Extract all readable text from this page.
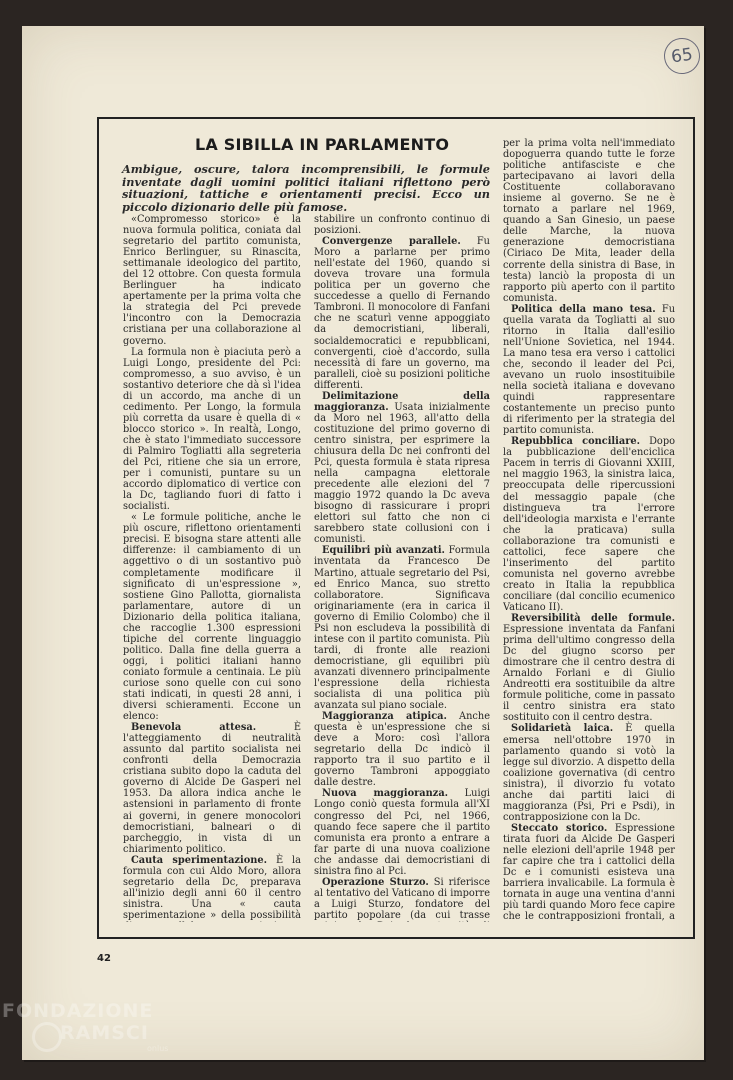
65
LA SIBILLA IN PARLAMENTO
Ambigue, oscure, talora incomprensibili, le formule inventate dagli uomini politici italiani riflettono però situazioni, tattiche e orientamenti precisi. Ecco un piccolo dizionario delle più famose.

«Compromesso storico» è la nuova formula politica, coniata dal segretario del partito comunista, Enrico Berlinguer, su Rinascita, settimanale ideologico del partito, del 12 ottobre. Con questa formula Berlinguer ha indicato apertamente per la prima volta che la strategia del Pci prevede l'incontro con la Democrazia cristiana per una collaborazione al governo.

La formula non è piaciuta però a Luigi Longo, presidente del Pci: compromesso, a suo avviso, è un sostantivo deteriore che dà sì l'idea di un accordo, ma anche di un cedimento. Per Longo, la formula più corretta da usare è quella di « blocco storico ». In realtà, Longo, che è stato l'immediato successore di Palmiro Togliatti alla segreteria del Pci, ritiene che sia un errore, per i comunisti, puntare su un accordo diplomatico di vertice con la Dc, tagliando fuori di fatto i socialisti.

« Le formule politiche, anche le più oscure, riflettono orientamenti precisi. E bisogna stare attenti alle differenze: il cambiamento di un aggettivo o di un sostantivo può completamente modificare il significato di un'espressione », sostiene Gino Pallotta, giornalista parlamentare, autore di un Dizionario della politica italiana, che raccoglie 1.300 espressioni tipiche del corrente linguaggio politico. Dalla fine della guerra a oggi, i politici italiani hanno coniato formule a centinaia. Le più curiose sono quelle con cui sono stati indicati, in questi 28 anni, i diversi schieramenti. Eccone un elenco:

Benevola attesa.	È l'atteggiamento di neutralità assunto dal partito socialista nei confronti della Democrazia cristiana subito dopo la caduta del governo di Alcide De Gasperi nel 1953. Da allora indica anche le astensioni in parlamento di fronte ai governi, in genere monocolori democristiani, balneari o di parcheggio, in vista di un chiarimento politico.

Cauta sperimentazione. È la formula con cui Aldo Moro, allora segretario della Dc, preparava all'inizio degli anni 60 il centro sinistra. Una « cauta sperimentazione » della possibilità

stabilire un confronto continuo di posizioni.

Convergenze parallele. Fu Moro a parlarne per primo nell'estate del 1960, quando si doveva trovare una formula politica per un governo che succedesse a quello di Fernando Tambroni. Il monocolore di Fanfani che ne scaturì venne appoggiato da democristiani, liberali, socialdemocratici e repubblicani, convergenti, cioè d'accordo, sulla necessità di fare un governo, ma paralleli, cioè su posizioni politiche differenti.

Delimitazione della maggioranza. Usata inizialmente da Moro nel 1963, all'atto della costituzione del primo governo di centro sinistra, per esprimere la chiusura della Dc nei confronti del Pci, questa formula è stata ripresa nella campagna elettorale precedente alle elezioni del 7 maggio 1972 quando la Dc aveva bisogno di rassicurare i propri elettori sul fatto che non ci sarebbero state collusioni con i comunisti.

Equilibri più avanzati. Formula inventata da Francesco De Martino, attuale segretario del Psi, ed Enrico Manca, suo stretto collaboratore. Significava originariamente (era in carica il governo di Emilio Colombo) che il Psi non escludeva la possibilità di intese con il partito comunista. Più tardi, di fronte alle reazioni democristiane, gli equilibri più avanzati divennero principalmente l'espressione della richiesta socialista di una politica più avanzata sul piano sociale.

Maggioranza atipica. Anche questa è un'espressione che si deve a Moro: così l'allora segretario della Dc indicò il rapporto tra il suo partito e il governo Tambroni appoggiato dalle destre.

Nuova maggioranza. Luigi Longo coniò questa formula all'XI congresso del Pci, nel 1966, quando fece sapere che il partito comunista era pronto a entrare a far parte di una nuova coalizione che andasse dai democristiani di sinistra fino al Pci.

Operazione Sturzo. Si riferisce al tentativo del Vaticano di imporre a Luigi Sturzo, fondatore del partito popolare (da cui trasse

per la prima volta nell'immediato dopoguerra quando tutte le forze politiche antifasciste e che partecipavano ai lavori della Costituente collaboravano insieme al governo. Se ne è tornato a parlare nel 1969, quando a San Ginesio, un paese delle Marche, la nuova generazione democristiana (Ciriaco De Mita, leader della corrente della sinistra di Base, in testa) lanciò la proposta di un rapporto più aperto con il partito comunista.

Politica della mano tesa. Fu quella varata da Togliatti al suo ritorno in Italia dall'esilio nell'Unione Sovietica, nel 1944. La mano tesa era verso i cattolici che, secondo il leader del Pci, avevano un ruolo insostituibile nella società italiana e dovevano quindi rappresentare costantemente un preciso punto di riferimento per la strategia del partito comunista.

Repubblica conciliare. Dopo la pubblicazione dell'enciclica Pacem in terris di Giovanni XXIII, nel maggio 1963, la sinistra laica, preoccupata delle ripercussioni del messaggio papale (che distingueva tra l'errore dell'ideologia marxista e l'errante che la praticava) sulla collaborazione tra comunisti e cattolici, fece sapere che l'inserimento del partito comunista nel governo avrebbe creato in Italia la repubblica conciliare (dal concilio ecumenico Vaticano II).

Reversibilità delle formule. Espressione inventata da Fanfani prima dell'ultimo congresso della Dc del giugno scorso per dimostrare che il centro destra di Arnaldo Forlani e di Giulio Andreotti era sostituibile da altre formule politiche, come in passato il centro sinistra era stato sostituito con il centro destra.

Solidarietà laica. È quella emersa nell'ottobre 1970 in parlamento quando si votò la legge sul divorzio. A dispetto della coalizione governativa (di centro sinistra), il divorzio fu votato anche dai partiti laici di maggioranza (Psi, Pri e Psdi), in contrapposizione con la Dc.

Steccato storico. Espressione tirata fuori da Alcide De Gasperi nelle elezioni dell'aprile 1948 per far capire che tra i cattolici della Dc e i comunisti esisteva una barriera invalicabile. La formula è tornata in auge una ventina d'anni più tardi quando Moro fece capire che le contrapposizioni frontali, a

42
FONDAZIONE
RAMSCI
onlus
